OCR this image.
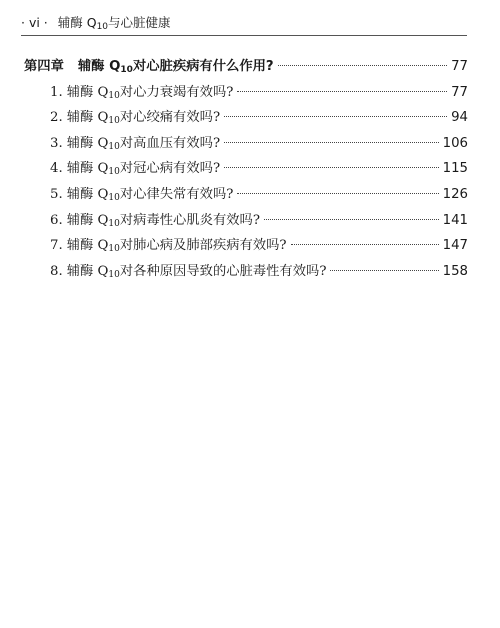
· vi · 辅酶 $Q_{10}$与心脏健康
第四章 辅酶 $Q_{10}$对心脏疾病有什么作用?	77
1. 辅酶 $Q_{10}$对心力衰竭有效吗?	77
2. 辅酶 $Q_{10}$对心绞痛有效吗?	94
3. 辅酶 $Q_{10}$对高血压有效吗?	106
4. 辅酶 $Q_{10}$对冠心病有效吗?	115
5. 辅酶 $Q_{10}$对心律失常有效吗?	126
6. 辅酶 $Q_{10}$对病毒性心肌炎有效吗?	141
7. 辅酶 $Q_{10}$对肺心病及肺部疾病有效吗?	147
8. 辅酶 $Q_{10}$对各种原因导致的心脏毒性有效吗?	158
